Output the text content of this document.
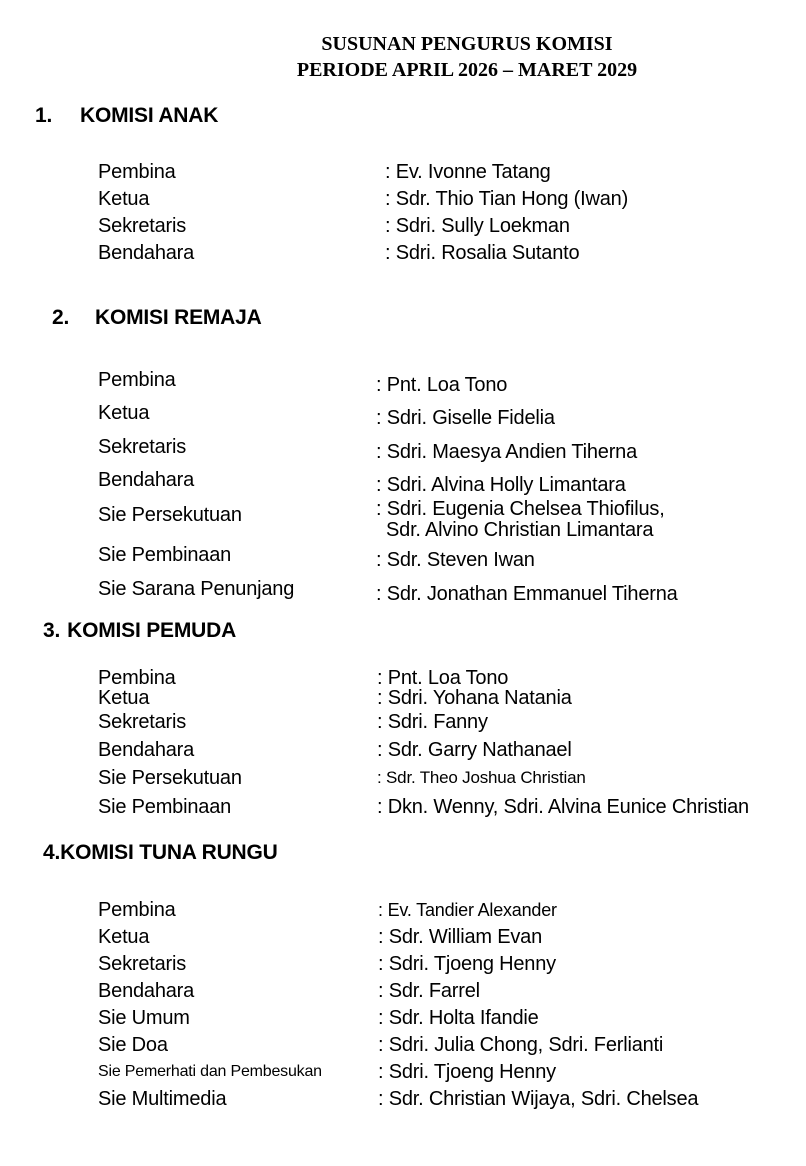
SUSUNAN PENGURUS KOMISI
PERIODE APRIL 2026 – MARET 2029
1. KOMISI ANAK
Pembina	: Ev. Ivonne Tatang
Ketua	: Sdr. Thio Tian Hong (Iwan)
Sekretaris	: Sdri. Sully Loekman
Bendahara	: Sdri. Rosalia Sutanto
2. KOMISI REMAJA
Pembina	: Pnt. Loa Tono
Ketua	: Sdri. Giselle Fidelia
Sekretaris	: Sdri. Maesya Andien Tiherna
Bendahara	: Sdri. Alvina Holly Limantara
Sie Persekutuan	: Sdri. Eugenia Chelsea Thiofilus,
Sdr. Alvino Christian Limantara
Sie Pembinaan	: Sdr. Steven Iwan
Sie Sarana Penunjang	: Sdr. Jonathan Emmanuel Tiherna
3. KOMISI PEMUDA
Pembina	: Pnt. Loa Tono
Ketua	: Sdri. Yohana Natania
Sekretaris	: Sdri. Fanny
Bendahara	: Sdr. Garry Nathanael
Sie Persekutuan	: Sdr. Theo Joshua Christian
Sie Pembinaan	: Dkn. Wenny, Sdri. Alvina Eunice Christian
4.KOMISI TUNA RUNGU
Pembina	: Ev. Tandier Alexander
Ketua	: Sdr. William Evan
Sekretaris	: Sdri. Tjoeng Henny
Bendahara	: Sdr. Farrel
Sie Umum	: Sdr. Holta Ifandie
Sie Doa	: Sdri. Julia Chong, Sdri. Ferlianti
Sie Pemerhati dan Pembesukan	: Sdri. Tjoeng Henny
Sie Multimedia	: Sdr. Christian Wijaya, Sdri. Chelsea
